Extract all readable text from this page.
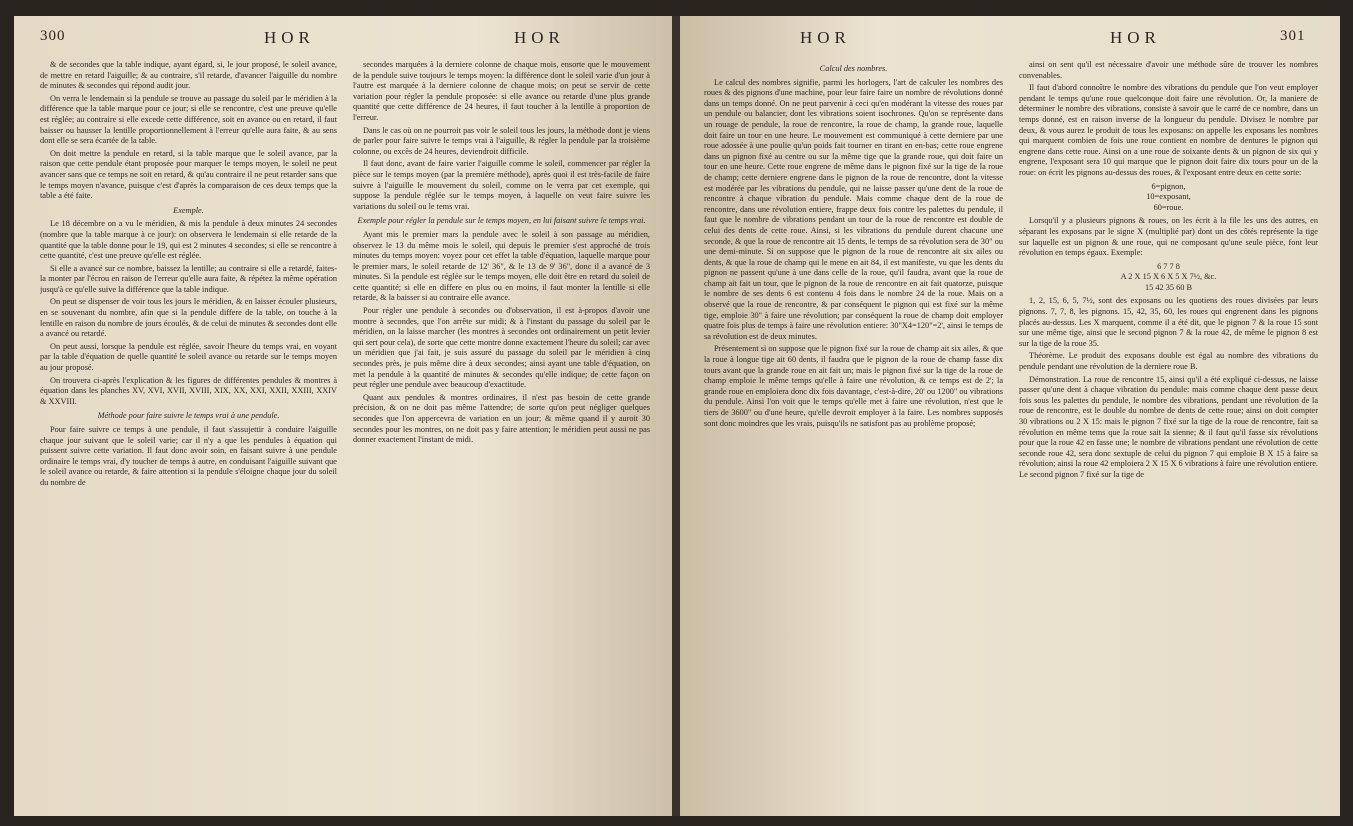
300	HOR	HOR

& de secondes que la table indique, ayant égard, si, le jour proposé, le soleil avance, de mettre en retard l'aiguille; & au contraire, s'il retarde, d'avancer l'aiguille du nombre de minutes & secondes qui répond audit jour.

On verra le lendemain si la pendule se trouve au passage du soleil par le méridien à la différence que la table marque pour ce jour; si elle se rencontre, c'est une preuve qu'elle est réglée; au contraire si elle excede cette différence, soit en avance ou en retard, il faut baisser ou hausser la lentille proportionnellement à l'erreur qu'elle aura faite, & au sens dont elle se sera écartée de la table.

On doit mettre la pendule en retard, si la table marque que le soleil avance, par la raison que cette pendule étant proposée pour marquer le temps moyen, le soleil ne peut avancer sans que ce temps ne soit en retard, & qu'au contraire il ne peut retarder sans que le temps moyen n'avance, puisque c'est d'après la comparaison de ces deux temps que la table a été faite.

Exemple.

Le 18 décembre on a vu le méridien, & mis la pendule à deux minutes 24 secondes (nombre que la table marque à ce jour): on observera le lendemain si elle retarde de la quantité que la table donne pour le 19, qui est 2 minutes 4 secondes; si elle se rencontre à cette quantité, c'est une preuve qu'elle est réglée.

Si elle a avancé sur ce nombre, baissez la lentille; au contraire si elle a retardé, faites-la monter par l'écrou en raison de l'erreur qu'elle aura faite, & répétez la même opération jusqu'à ce qu'elle suive la différence que la table indique.

On peut se dispenser de voir tous les jours le méridien, & en laisser écouler plusieurs, en se souvenant du nombre, afin que si la pendule differe de la table, on touche à la lentille en raison du nombre de jours écoulés, & de celui de minutes & secondes dont elle a avancé ou retardé.

On peut aussi, lorsque la pendule est réglée, savoir l'heure du temps vrai, en voyant par la table d'équation de quelle quantité le soleil avance ou retarde sur le temps moyen au jour proposé.

On trouvera ci-après l'explication & les figures de différentes pendules & montres à équation dans les planches XV, XVI, XVII, XVIII, XIX, XX, XXI, XXII, XXIII, XXIV & XXVIII.

Méthode pour faire suivre le temps vrai à une pendule.

Pour faire suivre ce temps à une pendule, il faut s'assujettir à conduire l'aiguille chaque jour suivant que le soleil varie; car il n'y a que les pendules à équation qui puissent suivre cette variation. Il faut donc avoir soin, en faisant suivre à une pendule ordinaire le temps vrai, d'y toucher de temps à autre, en conduisant l'aiguille suivant que le soleil avance ou retarde, & faire attention si la pendule s'éloigne chaque jour du soleil du nombre de

secondes marquées à la derniere colonne de chaque mois, ensorte que le mouvement de la pendule suive toujours le temps moyen: la différence dont le soleil varie d'un jour à l'autre est marquée à la derniere colonne de chaque mois; on peut se servir de cette variation pour régler la pendule proposée: si elle avance ou retarde d'une plus grande quantité que cette différence de 24 heures, il faut toucher à la lentille à proportion de l'erreur.

Dans le cas où on ne pourroit pas voir le soleil tous les jours, la méthode dont je viens de parler pour faire suivre le temps vrai à l'aiguille, & régler la pendule par la troisième colonne, ou excès de 24 heures, deviendroit difficile.

Il faut donc, avant de faire varier l'aiguille comme le soleil, commencer par régler la pièce sur le temps moyen (par la première méthode), après quoi il est très-facile de faire suivre à l'aiguille le mouvement du soleil, comme on le verra par cet exemple, qui suppose la pendule réglée sur le temps moyen, à laquelle on veut faire suivre les variations du soleil ou le tems vrai.

Exemple pour régler la pendule sur le temps moyen, en lui faisant suivre le temps vrai.

Ayant mis le premier mars la pendule avec le soleil à son passage au méridien, observez le 13 du même mois le soleil, qui depuis le premier s'est approché de trois minutes du temps moyen: voyez pour cet effet la table d'équation, laquelle marque pour le premier mars, le soleil retarde de 12' 36", & le 13 de 9' 36", donc il a avancé de 3 minutes. Si la pendule est réglée sur le temps moyen, elle doit être en retard du soleil de cette quantité; si elle en differe en plus ou en moins, il faut monter la lentille si elle retarde, & la baisser si au contraire elle avance.

Pour régler une pendule à secondes ou d'observation, il est à-propos d'avoir une montre à secondes, que l'on arrête sur midi; & à l'instant du passage du soleil par le méridien, on la laisse marcher (les montres à secondes ont ordinairement un petit levier qui sert pour cela), de sorte que cette montre donne exactement l'heure du soleil; car avec un méridien que j'ai fait, je suis assuré du passage du soleil par le méridien à cinq secondes près, je puis même dire à deux secondes; ainsi ayant une table d'équation, on met la pendule à la quantité de minutes & secondes qu'elle indique; de cette façon on peut régler une pendule avec beaucoup d'exactitude.

Quant aux pendules & montres ordinaires, il n'est pas besoin de cette grande précision, & on ne doit pas même l'attendre; de sorte qu'on peut négliger quelques secondes que l'on appercevra de variation en un jour; & même quand il y auroit 30 secondes pour les montres, on ne doit pas y faire attention; le méridien peut aussi ne pas donner exactement l'instant de midi.

HOR	HOR	301

Calcul des nombres.

Le calcul des nombres signifie, parmi les horlogers, l'art de calculer les nombres des roues & des pignons d'une machine, pour leur faire faire un nombre de révolutions donné dans un temps donné. On ne peut parvenir à ceci qu'en modérant la vitesse des roues par un pendule ou balancier, dont les vibrations soient isochrones. Qu'on se représente dans un rouage de pendule, la roue de rencontre, la roue de champ, la grande roue, laquelle doit faire un tour en une heure. Le mouvement est communiqué à cette derniere par une roue adossée à une poulie qu'un poids fait tourner en tirant en en-bas; cette roue engrene dans un pignon fixé au centre ou sur la même tige que la grande roue, qui doit faire un tour en une heure. Cette roue engrene de même dans le pignon fixé sur la tige de la roue de champ; cette derniere engrene dans le pignon de la roue de rencontre, dont la vitesse est modérée par les vibrations du pendule, qui ne laisse passer qu'une dent de la roue de rencontre à chaque vibration du pendule. Mais comme chaque dent de la roue de rencontre, dans une révolution entiere, frappe deux fois contre les palettes du pendule, il faut que le nombre de vibrations pendant un tour de la roue de rencontre est double de celui des dents de cette roue. Ainsi, si les vibrations du pendule durent chacune une seconde, & que la roue de rencontre ait 15 dents, le temps de sa révolution sera de 30" ou une demi-minute. Si on suppose que le pignon de la roue de rencontre ait six ailes ou dents, & que la roue de champ qui le mene en ait 84, il est manifeste, vu que les dents du pignon ne passent qu'une à une dans celle de la roue, qu'il faudra, avant que la roue de champ ait fait un tour, que le pignon de la roue de rencontre en ait fait quatorze, puisque le nombre de ses dents 6 est contenu 4 fois dans le nombre 24 de la roue. Mais on a observé que la roue de rencontre, & par conséquent le pignon qui est fixé sur la même tige, emploie 30" à faire une révolution; par conséquent la roue de champ doit employer quatre fois plus de temps à faire une révolution entiere: 30"X4=120"=2', ainsi le temps de sa révolution est de deux minutes.

Présentement si on suppose que le pignon fixé sur la roue de champ ait six ailes, & que la roue à longue tige ait 60 dents, il faudra que le pignon de la roue de champ fasse dix tours avant que la grande roue en ait fait un; mais le pignon fixé sur la tige de la roue de champ emploie le même temps qu'elle à faire une révolution, & ce temps est de 2'; la grande roue en emploiera donc dix fois davantage, c'est-à-dire, 20' ou 1200" ou vibrations du pendule. Ainsi l'on voit que le temps qu'elle met à faire une révolution, n'est que le tiers de 3600" ou d'une heure, qu'elle devroit employer à la faire. Les nombres supposés sont donc moindres que les vrais, puisqu'ils ne satisfont pas au problème proposé;

ainsi on sent qu'il est nécessaire d'avoir une méthode sûre de trouver les nombres convenables.

Il faut d'abord connoître le nombre des vibrations du pendule que l'on veut employer pendant le temps qu'une roue quelconque doit faire une révolution. Or, la maniere de déterminer le nombre des vibrations, consiste à savoir que le carré de ce nombre, dans un temps donné, est en raison inverse de la longueur du pendule. Divisez le nombre par deux, & vous aurez le produit de tous les exposans: on appelle les exposans les nombres qui marquent combien de fois une roue contient en nombre de dentures le pignon qui engrene dans cette roue. Ainsi on a une roue de soixante dents & un pignon de six qui y engrene, l'exposant sera 10 qui marque que le pignon doit faire dix tours pour un de la roue: on écrit les pignons au-dessus des roues, & l'exposant entre deux en cette sorte:

6=pignon,
10=exposant,
60=roue.

Lorsqu'il y a plusieurs pignons & roues, on les écrit à la file les uns des autres, en séparant les exposans par le signe X (multiplié par) dont un des côtés représente la tige sur laquelle est un pignon & une roue, qui ne composant qu'une seule pièce, font leur révolution en temps égaux. Exemple:

6 7 7 8
A 2 X 15 X 6 X 5 X 7½, &c.
15 42 35 60 B

1, 2, 15, 6, 5, 7½, sont des exposans ou les quotiens des roues divisées par leurs pignons. 7, 7, 8, les pignons. 15, 42, 35, 60, les roues qui engrenent dans les pignons placés au-dessus. Les X marquent, comme il a été dit, que le pignon 7 & la roue 15 sont sur une même tige, ainsi que le second pignon 7 & la roue 42, de même le pignon 8 est sur la tige de la roue 35.

Théorème. Le produit des exposans double est égal au nombre des vibrations du pendule pendant une révolution de la derniere roue B.

Démonstration. La roue de rencontre 15, ainsi qu'il a été expliqué ci-dessus, ne laisse passer qu'une dent à chaque vibration du pendule: mais comme chaque dent passe deux fois sous les palettes du pendule, le nombre des vibrations, pendant une révolution de la roue de rencontre, est le double du nombre de dents de cette roue; ainsi on doit compter 30 vibrations ou 2 X 15: mais le pignon 7 fixé sur la tige de la roue de rencontre, fait sa révolution en même tems que la roue sait la sienne; & il faut qu'il fasse six révolutions pour que la roue 42 en fasse une; le nombre de vibrations pendant une révolution de cette seconde roue 42, sera donc sextuple de celui du pignon 7 qui emploie B X 15 à faire sa révolution; ainsi la roue 42 emploiera 2 X 15 X 6 vibrations à faire une révolution entiere. Le second pignon 7 fixé sur la tige de
